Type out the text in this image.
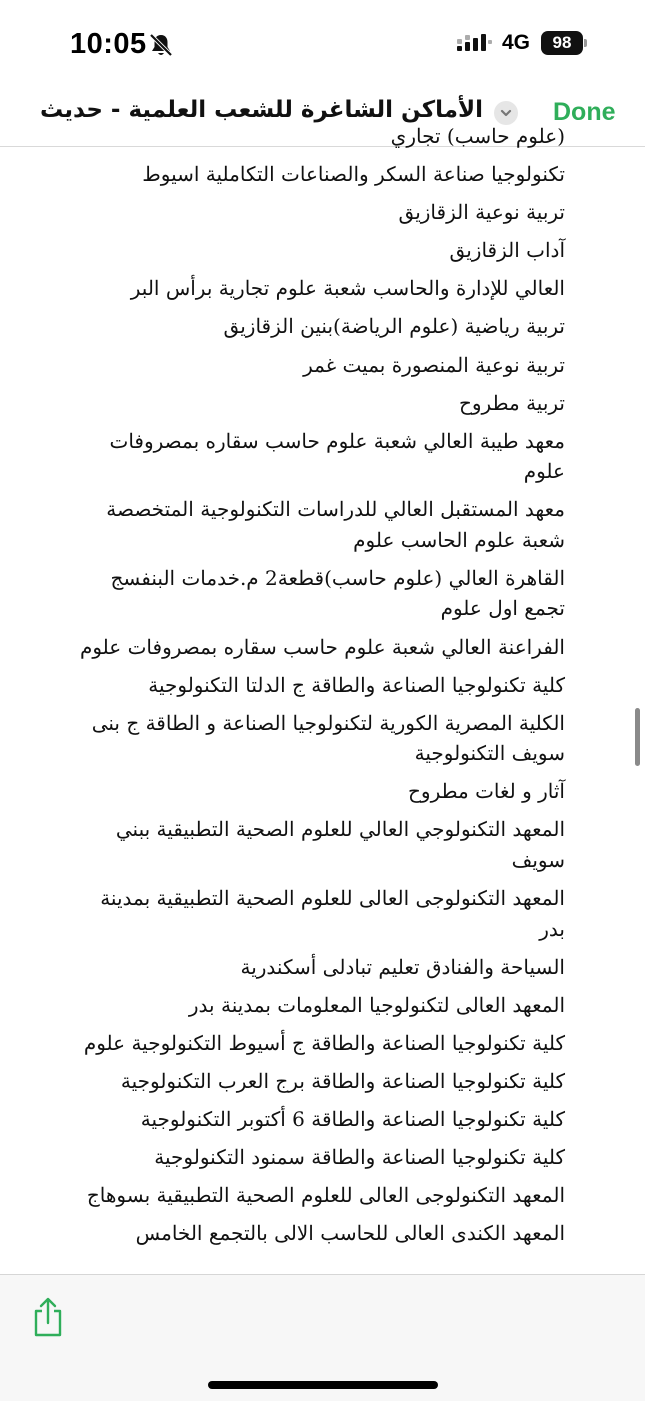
10:05	4G	98
الأماكن الشاغرة للشعب العلمية - حديث	Done
(علوم حاسب) تجاري
تكنولوجيا صناعة السكر والصناعات التكاملية اسيوط
تربية نوعية الزقازيق
آداب الزقازيق
العالي للإدارة والحاسب شعبة علوم تجارية برأس البر
تربية رياضية (علوم الرياضة)بنين الزقازيق
تربية نوعية المنصورة بميت غمر
تربية مطروح
معهد طيبة العالي شعبة علوم حاسب سقاره بمصروفات علوم
معهد المستقبل العالي للدراسات التكنولوجية المتخصصة شعبة علوم الحاسب علوم
القاهرة العالي (علوم حاسب)قطعة2 م.خدمات البنفسج تجمع اول علوم
الفراعنة العالي شعبة علوم حاسب سقاره بمصروفات علوم
كلية تكنولوجيا الصناعة والطاقة ج الدلتا التكنولوجية
الكلية المصرية الكورية لتكنولوجيا الصناعة و الطاقة ج بنى سويف التكنولوجية
آثار و لغات مطروح
المعهد التكنولوجي العالي للعلوم الصحية التطبيقية ببني سويف
المعهد التكنولوجى العالى للعلوم الصحية التطبيقية بمدينة بدر
السياحة والفنادق تعليم تبادلى أسكندرية
المعهد العالى لتكنولوجيا المعلومات بمدينة بدر
كلية تكنولوجيا الصناعة والطاقة ج أسيوط التكنولوجية علوم
كلية تكنولوجيا الصناعة والطاقة برج العرب التكنولوجية
كلية تكنولوجيا الصناعة والطاقة 6 أكتوبر التكنولوجية
كلية تكنولوجيا الصناعة والطاقة سمنود التكنولوجية
المعهد التكنولوجى العالى للعلوم الصحية التطبيقية بسوهاج
المعهد الكندى العالى للحاسب الالى بالتجمع الخامس
